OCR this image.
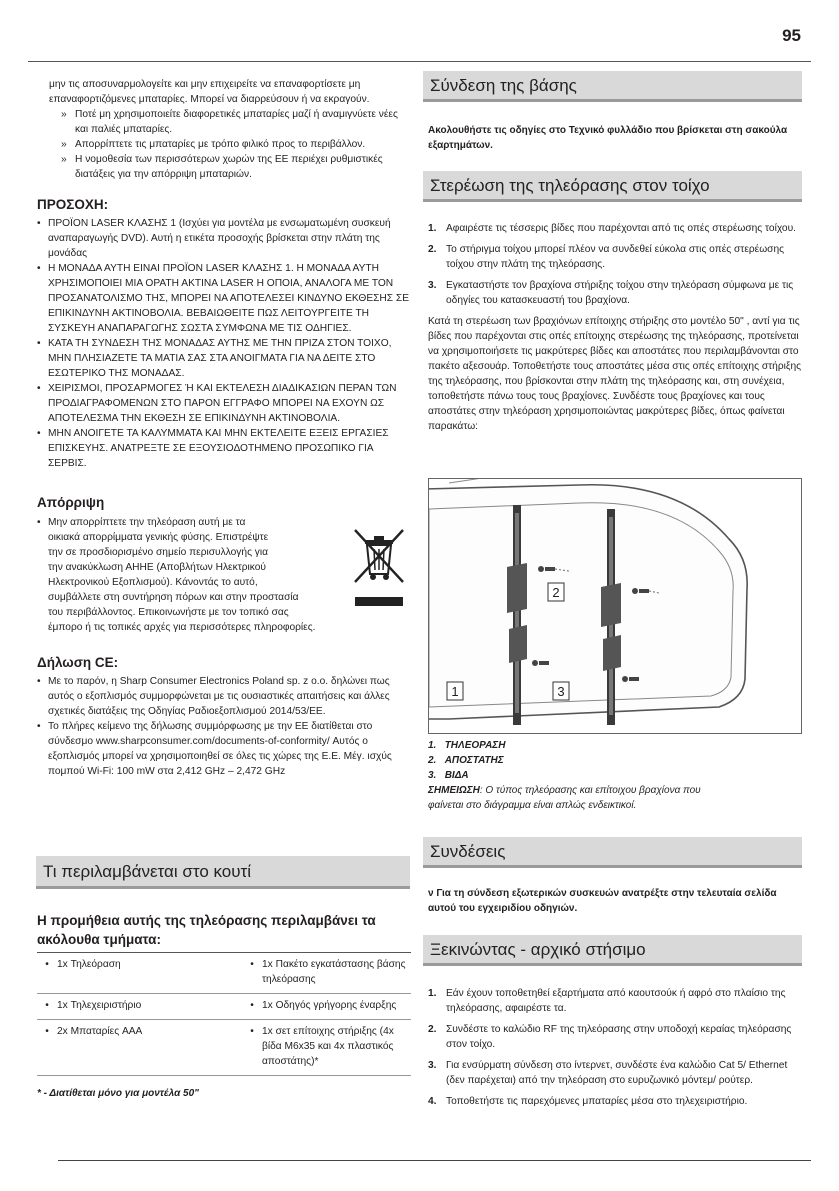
95

μην τις αποσυναρμολογείτε και μην επιχειρείτε να επαναφορτίσετε μη

επαναφορτιζόμενες μπαταρίες. Μπορεί να διαρρεύσουν ή να εκραγούν.

» Ποτέ μη χρησιμοποιείτε διαφορετικές μπαταρίες μαζί ή αναμιγνύετε νέες και παλιές μπαταρίες.
» Απορρίπτετε τις μπαταρίες με τρόπο φιλικό προς το περιβάλλον.
» Η νομοθεσία των περισσότερων χωρών της ΕΕ περιέχει ρυθμιστικές διατάξεις για την απόρριψη μπαταριών.
ΠΡΟΣΟΧΗ:
• ΠΡΟΪΟΝ LASER ΚΛΑΣΗΣ 1 (Ισχύει για μοντέλα με ενσωματωμένη συσκευή αναπαραγωγής DVD). Αυτή η ετικέτα προσοχής βρίσκεται στην πλάτη της μονάδας
• Η ΜΟΝΑΔΑ ΑΥΤΗ ΕΙΝΑΙ ΠΡΟΪΟΝ LASER ΚΛΑΣΗΣ 1. Η ΜΟΝΑΔΑ ΑΥΤΗ ΧΡΗΣΙΜΟΠΟΙΕΙ ΜΙΑ ΟΡΑΤΗ ΑΚΤΙΝΑ LASER Η ΟΠΟΙΑ, ΑΝΑΛΟΓΑ ΜΕ ΤΟΝ ΠΡΟΣΑΝΑΤΟΛΙΣΜΟ ΤΗΣ, ΜΠΟΡΕΙ ΝΑ ΑΠΟΤΕΛΕΣΕΙ ΚΙΝΔΥΝΟ ΕΚΘΕΣΗΣ ΣΕ ΕΠΙΚΙΝΔΥΝΗ ΑΚΤΙΝΟΒΟΛΙΑ. ΒΕΒΑΙΩΘΕΙΤΕ ΠΩΣ ΛΕΙΤΟΥΡΓΕΙΤΕ ΤΗ ΣΥΣΚΕΥΗ ΑΝΑΠΑΡΑΓΩΓΗΣ ΣΩΣΤΑ ΣΥΜΦΩΝΑ ΜΕ ΤΙΣ ΟΔΗΓΙΕΣ.
• ΚΑΤΑ ΤΗ ΣΥΝΔΕΣΗ ΤΗΣ ΜΟΝΑΔΑΣ ΑΥΤΗΣ ΜΕ ΤΗΝ ΠΡΙΖΑ ΣΤΟΝ ΤΟΙΧΟ, ΜΗΝ ΠΛΗΣΙΑΖΕΤΕ ΤΑ ΜΑΤΙΑ ΣΑΣ ΣΤΑ ΑΝΟΙΓΜΑΤΑ ΓΙΑ ΝΑ ΔΕΙΤΕ ΣΤΟ ΕΣΩΤΕΡΙΚΟ ΤΗΣ ΜΟΝΑΔΑΣ.
• ΧΕΙΡΙΣΜΟΙ, ΠΡΟΣΑΡΜΟΓΕΣ Ή ΚΑΙ ΕΚΤΕΛΕΣΗ ΔΙΑΔΙΚΑΣΙΩΝ ΠΕΡΑΝ ΤΩΝ ΠΡΟΔΙΑΓΡΑΦΟΜΕΝΩΝ ΣΤΟ ΠΑΡΟΝ ΕΓΓΡΑΦΟ ΜΠΟΡΕΙ ΝΑ ΕΧΟΥΝ ΩΣ ΑΠΟΤΕΛΕΣΜΑ ΤΗΝ ΕΚΘΕΣΗ ΣΕ ΕΠΙΚΙΝΔΥΝΗ ΑΚΤΙΝΟΒΟΛΙΑ.
• ΜΗΝ ΑΝΟΙΓΕΤΕ ΤΑ ΚΑΛΥΜΜΑΤΑ ΚΑΙ ΜΗΝ ΕΚΤΕΛΕΙΤΕ ΕΞΕΙΣ ΕΡΓΑΣΙΕΣ ΕΠΙΣΚΕΥΗΣ. ΑΝΑΤΡΕΞΤΕ ΣΕ ΕΞΟΥΣΙΟΔΟΤΗΜΕΝΟ ΠΡΟΣΩΠΙΚΟ ΓΙΑ ΣΕΡΒΙΣ.
Απόρριψη
• Μην απορρίπτετε την τηλεόραση αυτή με τα
οικιακά απορρίμματα γενικής φύσης. Επιστρέψτε
την σε προσδιορισμένο σημείο περισυλλογής για
την ανακύκλωση ΑΗΗΕ (Αποβλήτων Ηλεκτρικού
Ηλεκτρονικού Εξοπλισμού). Κάνοντάς το αυτό,
συμβάλλετε στη συντήρηση πόρων και στην προστασία
του περιβάλλοντος. Επικοινωνήστε με τον τοπικό σας
έμπορο ή τις τοπικές αρχές για περισσότερες πληροφορίες.
Δήλωση CE:
• Με το παρόν, η Sharp Consumer Electronics Poland sp. z o.o. δηλώνει πως αυτός ο εξοπλισμός συμμορφώνεται με τις ουσιαστικές απαιτήσεις και άλλες σχετικές διατάξεις της Οδηγίας Ραδιοεξοπλισμού 2014/53/ΕΕ.
• Το πλήρες κείμενο της δήλωσης συμμόρφωσης με την ΕΕ διατίθεται στο σύνδεσμο www.sharpconsumer.com/documents-of-conformity/ Αυτός ο εξοπλισμός μπορεί να χρησιμοποιηθεί σε όλες τις χώρες της Ε.Ε. Μέγ. ισχύς πομπού Wi-Fi: 100 mW στα 2,412 GHz – 2,472 GHz
Τι περιλαμβάνεται στο κουτί
Η προμήθεια αυτής της τηλεόρασης περιλαμβάνει τα ακόλουθα τμήματα:
• 1x Τηλεόραση	• 1x Πακέτο εγκατάστασης βάσης τηλεόρασης

• 1x Τηλεχειριστήριο	• 1x Οδηγός γρήγορης έναρξης

• 2x Μπαταρίες AAA	• 1x σετ επίτοιχης στήριξης (4x βίδα M6x35 και 4x πλαστικός αποστάτης)*
* - Διατίθεται μόνο για μοντέλα 50"
Σύνδεση της βάσης
Ακολουθήστε τις οδηγίες στο Τεχνικό φυλλάδιο που βρίσκεται στη σακούλα εξαρτημάτων.
Στερέωση της τηλεόρασης στον τοίχο
1. Αφαιρέστε τις τέσσερις βίδες που παρέχονται από τις οπές στερέωσης τοίχου.
2. Το στήριγμα τοίχου μπορεί πλέον να συνδεθεί εύκολα στις οπές στερέωσης τοίχου στην πλάτη της τηλεόρασης.
3. Εγκαταστήστε τον βραχίονα στήριξης τοίχου στην τηλεόραση σύμφωνα με τις οδηγίες του κατασκευαστή του βραχίονα.

Κατά τη στερέωση των βραχιόνων επίτοιχης στήριξης στο μοντέλο 50" , αντί για τις βίδες που παρέχονται στις οπές επίτοιχης στερέωσης της τηλεόρασης, προτείνεται να χρησιμοποιήσετε τις μακρύτερες βίδες και αποστάτες που περιλαμβάνονται στο πακέτο αξεσουάρ. Τοποθετήστε τους αποστάτες μέσα στις οπές επίτοιχης στήριξης της τηλεόρασης, που βρίσκονται στην πλάτη της τηλεόρασης και, στη συνέχεια, τοποθετήστε πάνω τους τους βραχίονες. Συνδέστε τους βραχίονες και τους αποστάτες στην τηλεόραση χρησιμοποιώντας μακρύτερες βίδες, όπως φαίνεται παρακάτω:

2
1	3
1.   ΤΗΛΕΟΡΑΣΗ
2.   ΑΠΟΣΤΑΤΗΣ
3.   ΒΙΔΑ
ΣΗΜΕΙΩΣΗ: Ο τύπος τηλεόρασης και επίτοιχου βραχίονα που φαίνεται στο διάγραμμα είναι απλώς ενδεικτικοί.
Συνδέσεις
ν Για τη σύνδεση εξωτερικών συσκευών ανατρέξτε στην τελευταία σελίδα αυτού του εγχειριδίου οδηγιών.
Ξεκινώντας - αρχικό στήσιμο
1. Εάν έχουν τοποθετηθεί εξαρτήματα από καουτσούκ ή αφρό στο πλαίσιο της τηλεόρασης, αφαιρέστε τα.
2. Συνδέστε το καλώδιο RF της τηλεόρασης στην υποδοχή κεραίας τηλεόρασης στον τοίχο.
3. Για ενσύρματη σύνδεση στο ίντερνετ, συνδέστε ένα καλώδιο Cat 5/ Ethernet (δεν παρέχεται) από την τηλεόραση στο ευρυζωνικό μόντεμ/ ρούτερ.
4. Τοποθετήστε τις παρεχόμενες μπαταρίες μέσα στο τηλεχειριστήριο.
